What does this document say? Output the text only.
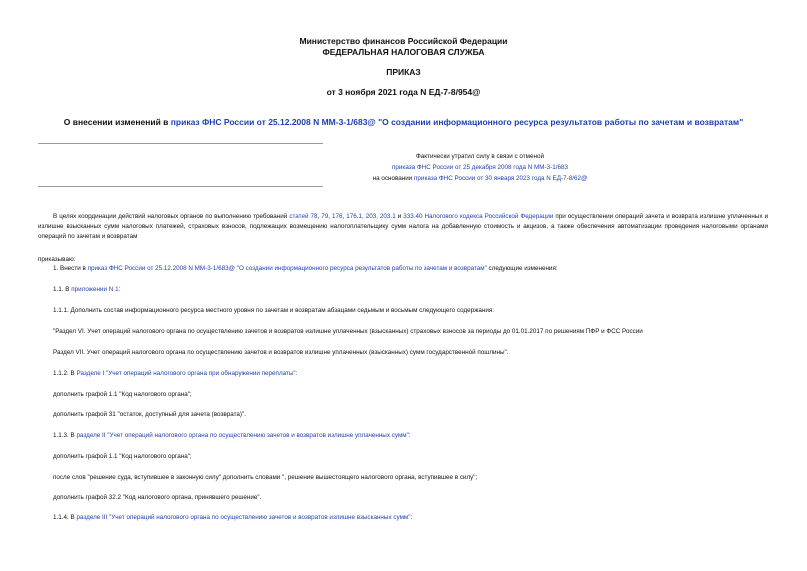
Министерство финансов Российской Федерации
ФЕДЕРАЛЬНАЯ НАЛОГОВАЯ СЛУЖБА
ПРИКАЗ
от 3 ноября 2021 года N ЕД-7-8/954@
О внесении изменений в приказ ФНС России от 25.12.2008 N ММ-3-1/683@ "О создании информационного ресурса результатов работы по зачетам и возвратам"
Фактически утратил силу в связи с отменой
приказа ФНС России от 25 декабря 2008 года N ММ-3-1/683
на основании приказа ФНС России от 30 января 2023 года N ЕД-7-8/62@
В целях координации действий налоговых органов по выполнению требований статей 78, 79, 176, 176.1, 203, 203.1 и 333.40 Налогового кодекса Российской Федерации при осуществлении операций зачета и возврата излишне уплаченных и излишне взысканных сумм налоговых платежей, страховых взносов, подлежащих возмещению налогоплательщику сумм налога на добавленную стоимость и акцизов, а также обеспечения автоматизации проведения налоговыми органами операций по зачетам и возвратам
приказываю:
1. Внести в приказ ФНС России от 25.12.2008 N ММ-3-1/683@ "О создании информационного ресурса результатов работы по зачетам и возвратам" следующие изменения:
1.1. В приложении N 1:
1.1.1. Дополнить состав информационного ресурса местного уровня по зачетам и возвратам абзацами седьмым и восьмым следующего содержания:
"Раздел VI. Учет операций налогового органа по осуществлению зачетов и возвратов излишне уплаченных (взысканных) страховых взносов за периоды до 01.01.2017 по решениям ПФР и ФСС России
Раздел VII. Учет операций налогового органа по осуществлению зачетов и возвратов излишне уплаченных (взысканных) сумм государственной пошлины".
1.1.2. В Разделе I "Учет операций налогового органа при обнаружении переплаты":
дополнить графой 1.1 "Код налогового органа";
дополнить графой 31 "остаток, доступный для зачета (возврата)".
1.1.3. В разделе II "Учет операций налогового органа по осуществлению зачетов и возвратов излишне уплаченных сумм":
дополнить графой 1.1 "Код налогового органа";
после слов "решение суда, вступившее в законную силу" дополнить словами ", решение вышестоящего налогового органа, вступившее в силу";
дополнить графой 32.2 "Код налогового органа, принявшего решение".
1.1.4. В разделе III "Учет операций налогового органа по осуществлению зачетов и возвратов излишне взысканных сумм":
